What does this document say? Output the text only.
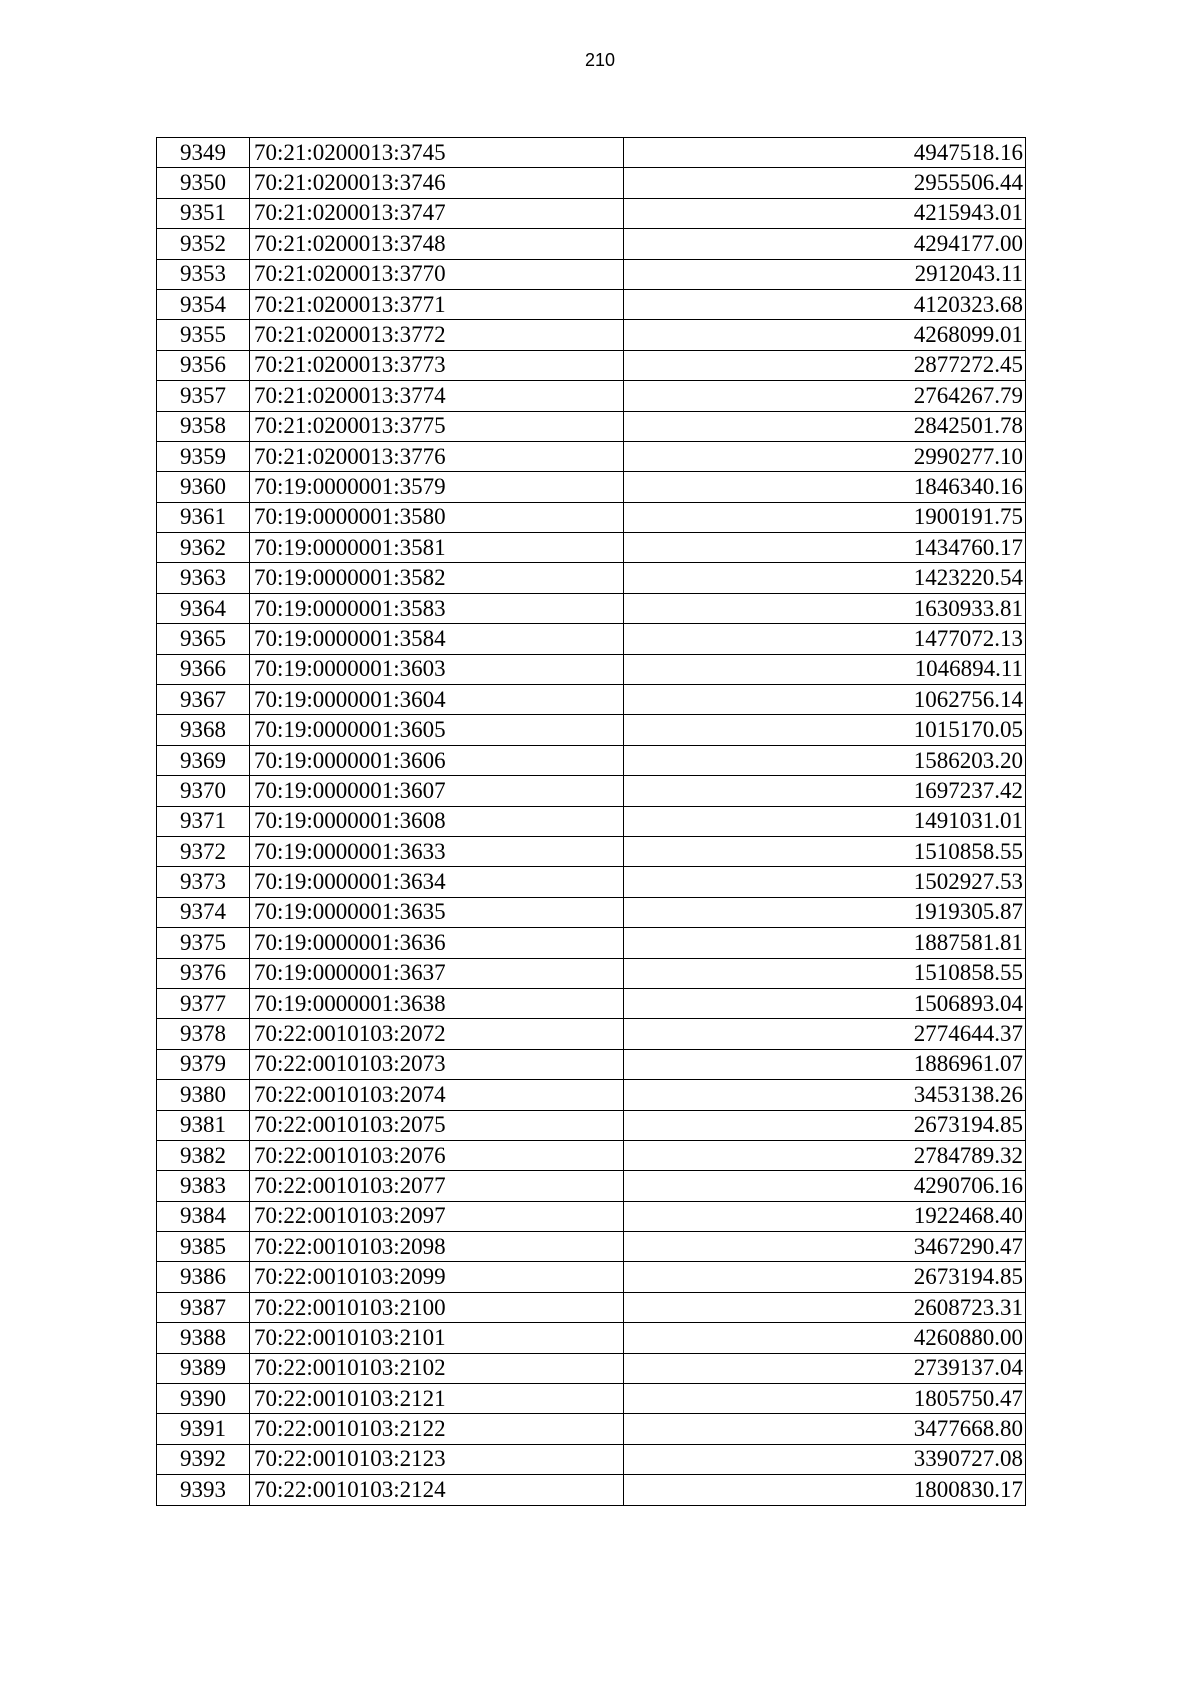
210
9349	70:21:0200013:3745	4947518.16
9350	70:21:0200013:3746	2955506.44
9351	70:21:0200013:3747	4215943.01
9352	70:21:0200013:3748	4294177.00
9353	70:21:0200013:3770	2912043.11
9354	70:21:0200013:3771	4120323.68
9355	70:21:0200013:3772	4268099.01
9356	70:21:0200013:3773	2877272.45
9357	70:21:0200013:3774	2764267.79
9358	70:21:0200013:3775	2842501.78
9359	70:21:0200013:3776	2990277.10
9360	70:19:0000001:3579	1846340.16
9361	70:19:0000001:3580	1900191.75
9362	70:19:0000001:3581	1434760.17
9363	70:19:0000001:3582	1423220.54
9364	70:19:0000001:3583	1630933.81
9365	70:19:0000001:3584	1477072.13
9366	70:19:0000001:3603	1046894.11
9367	70:19:0000001:3604	1062756.14
9368	70:19:0000001:3605	1015170.05
9369	70:19:0000001:3606	1586203.20
9370	70:19:0000001:3607	1697237.42
9371	70:19:0000001:3608	1491031.01
9372	70:19:0000001:3633	1510858.55
9373	70:19:0000001:3634	1502927.53
9374	70:19:0000001:3635	1919305.87
9375	70:19:0000001:3636	1887581.81
9376	70:19:0000001:3637	1510858.55
9377	70:19:0000001:3638	1506893.04
9378	70:22:0010103:2072	2774644.37
9379	70:22:0010103:2073	1886961.07
9380	70:22:0010103:2074	3453138.26
9381	70:22:0010103:2075	2673194.85
9382	70:22:0010103:2076	2784789.32
9383	70:22:0010103:2077	4290706.16
9384	70:22:0010103:2097	1922468.40
9385	70:22:0010103:2098	3467290.47
9386	70:22:0010103:2099	2673194.85
9387	70:22:0010103:2100	2608723.31
9388	70:22:0010103:2101	4260880.00
9389	70:22:0010103:2102	2739137.04
9390	70:22:0010103:2121	1805750.47
9391	70:22:0010103:2122	3477668.80
9392	70:22:0010103:2123	3390727.08
9393	70:22:0010103:2124	1800830.17
